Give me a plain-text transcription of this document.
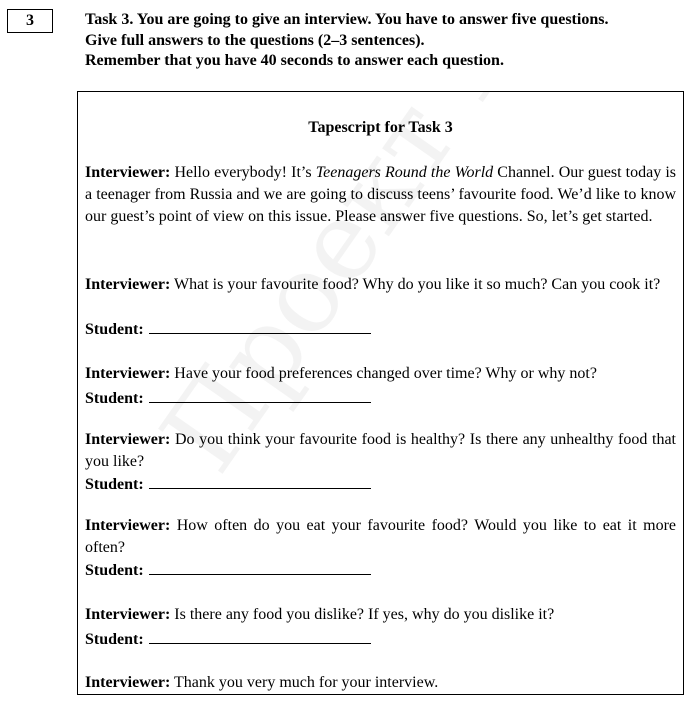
3	Task 3. You are going to give an interview. You have to answer five questions.
Give full answers to the questions (2–3 sentences).
Remember that you have 40 seconds to answer each question.
Tapescript for Task 3
Interviewer: Hello everybody! It’s Teenagers Round the World Channel. Our guest today is a teenager from Russia and we are going to discuss teens’ favourite food. We’d like to know our guest’s point of view on this issue. Please answer five questions. So, let’s get started.
Interviewer: What is your favourite food? Why do you like it so much? Can you cook it?
Student:
Interviewer: Have your food preferences changed over time? Why or why not?
Student:
Interviewer: Do you think your favourite food is healthy? Is there any unhealthy food that you like?
Student:
Interviewer: How often do you eat your favourite food? Would you like to eat it more often?
Student:
Interviewer: Is there any food you dislike? If yes, why do you dislike it?
Student:
Interviewer: Thank you very much for your interview.
